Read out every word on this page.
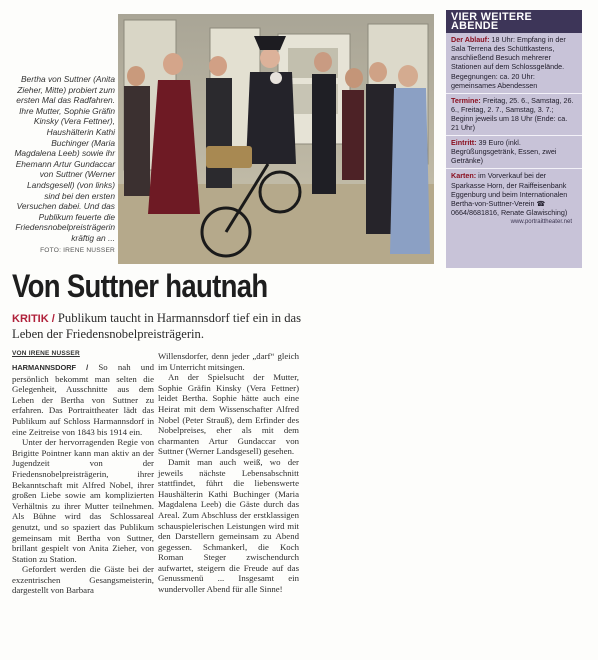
Bertha von Suttner (Anita Zieher, Mitte) probiert zum ersten Mal das Radfahren. Ihre Mutter, Sophie Gräfin Kinsky (Vera Fettner), Haushälterin Kathi Buchinger (Maria Magdalena Leeb) sowie ihr Ehemann Artur Gundaccar von Suttner (Werner Landsgesell) (von links) sind bei den ersten Versuchen dabei. Und das Publikum feuerte die Friedensnobelpreisträgerin kräftig an ...
FOTO: IRENE NUSSER
VIER WEITERE ABENDE
Der Ablauf: 18 Uhr: Empfang in der Sala Terrena des Schüttkastens, anschließend Besuch mehrerer Stationen auf dem Schlossgelände. Begegnungen: ca. 20 Uhr: gemeinsames Abendessen
Termine: Freitag, 25. 6., Samstag, 26. 6., Freitag, 2. 7., Samstag, 3. 7.; Beginn jeweils um 18 Uhr (Ende: ca. 21 Uhr)
Eintritt: 39 Euro (inkl. Begrüßungsgetränk, Essen, zwei Getränke)
Karten: im Vorverkauf bei der Sparkasse Horn, der Raiffeisenbank Eggenburg und beim Internationalen Bertha-von-Suttner-Verein ☎ 0664/8681816, Renate Glawisching)
www.portraittheater.net
Von Suttner hautnah
KRITIK / Publikum taucht in Harmannsdorf tief ein in das Leben der Friedensnobelpreisträgerin.
VON IRENE NUSSER

HARMANNSDORF / So nah und persönlich bekommt man selten die Gelegenheit, Ausschnitte aus dem Leben der Bertha von Suttner zu erfahren. Das Portraittheater lädt das Publikum auf Schloss Harmannsdorf in eine Zeitreise von 1843 bis 1914 ein.

Unter der hervorragenden Regie von Brigitte Pointner kann man aktiv an der Jugendzeit von der Friedensnobelpreisträgerin, ihrer Bekanntschaft mit Alfred Nobel, ihrer großen Liebe sowie am komplizierten Verhältnis zu ihrer Mutter teilnehmen. Als Bühne wird das Schlossareal genutzt, und so spaziert das Publikum gemeinsam mit Bertha von Suttner, brillant gespielt von Anita Zieher, von Station zu Station.

Gefordert werden die Gäste bei der exzentrischen Gesangsmeisterin, dargestellt von Barbara

Willensdorfer, denn jeder „darf“ gleich im Unterricht mitsingen.

An der Spielsucht der Mutter, Sophie Gräfin Kinsky (Vera Fettner) leidet Bertha. Sophie hätte auch eine Heirat mit dem Wissenschafter Alfred Nobel (Peter Strauß), dem Erfinder des Nobelpreises, eher als mit dem charmanten Artur Gundaccar von Suttner (Werner Landsgesell) gesehen.

Damit man auch weiß, wo der jeweils nächste Lebensabschnitt stattfindet, führt die liebenswerte Haushälterin Kathi Buchinger (Maria Magdalena Leeb) die Gäste durch das Areal. Zum Abschluss der erstklassigen schauspielerischen Leistungen wird mit den Darstellern gemeinsam zu Abend gegessen. Schmankerl, die Koch Roman Steger zwischendurch aufwartet, steigern die Freude auf das Genussmenü ... Insgesamt ein wundervoller Abend für alle Sinne!
